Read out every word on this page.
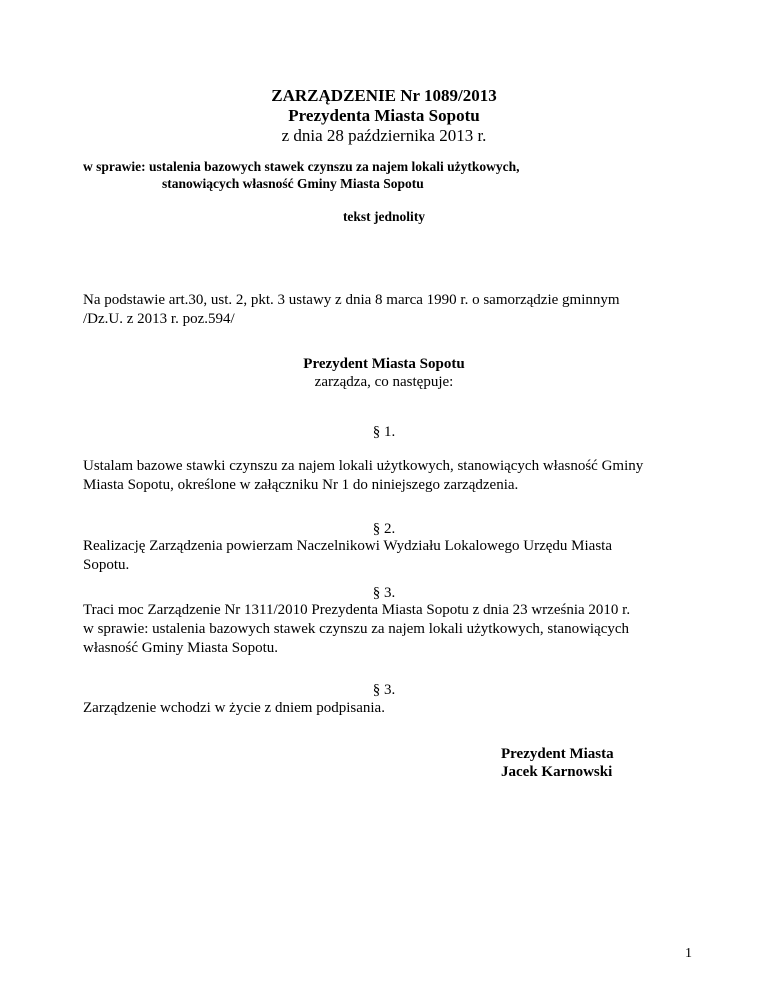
ZARZĄDZENIE Nr 1089/2013
Prezydenta Miasta Sopotu
z dnia 28 października 2013 r.
w sprawie: ustalenia bazowych stawek czynszu za najem lokali użytkowych,
stanowiących własność Gminy Miasta Sopotu
tekst jednolity
Na podstawie art.30, ust. 2, pkt. 3 ustawy z dnia 8 marca 1990 r. o samorządzie gminnym
/Dz.U. z 2013 r. poz.594/
Prezydent Miasta Sopotu
zarządza, co następuje:
§ 1.
Ustalam bazowe stawki czynszu za najem lokali użytkowych, stanowiących własność Gminy
Miasta Sopotu, określone w załączniku Nr 1 do niniejszego zarządzenia.
§ 2.
Realizację Zarządzenia powierzam Naczelnikowi Wydziału Lokalowego Urzędu Miasta
Sopotu.
§ 3.
Traci moc Zarządzenie Nr 1311/2010 Prezydenta Miasta Sopotu z dnia 23 września 2010 r.
w sprawie: ustalenia bazowych stawek czynszu za najem lokali użytkowych, stanowiących
własność Gminy Miasta Sopotu.
§ 3.
Zarządzenie wchodzi w życie z dniem podpisania.
Prezydent Miasta
Jacek Karnowski
1
